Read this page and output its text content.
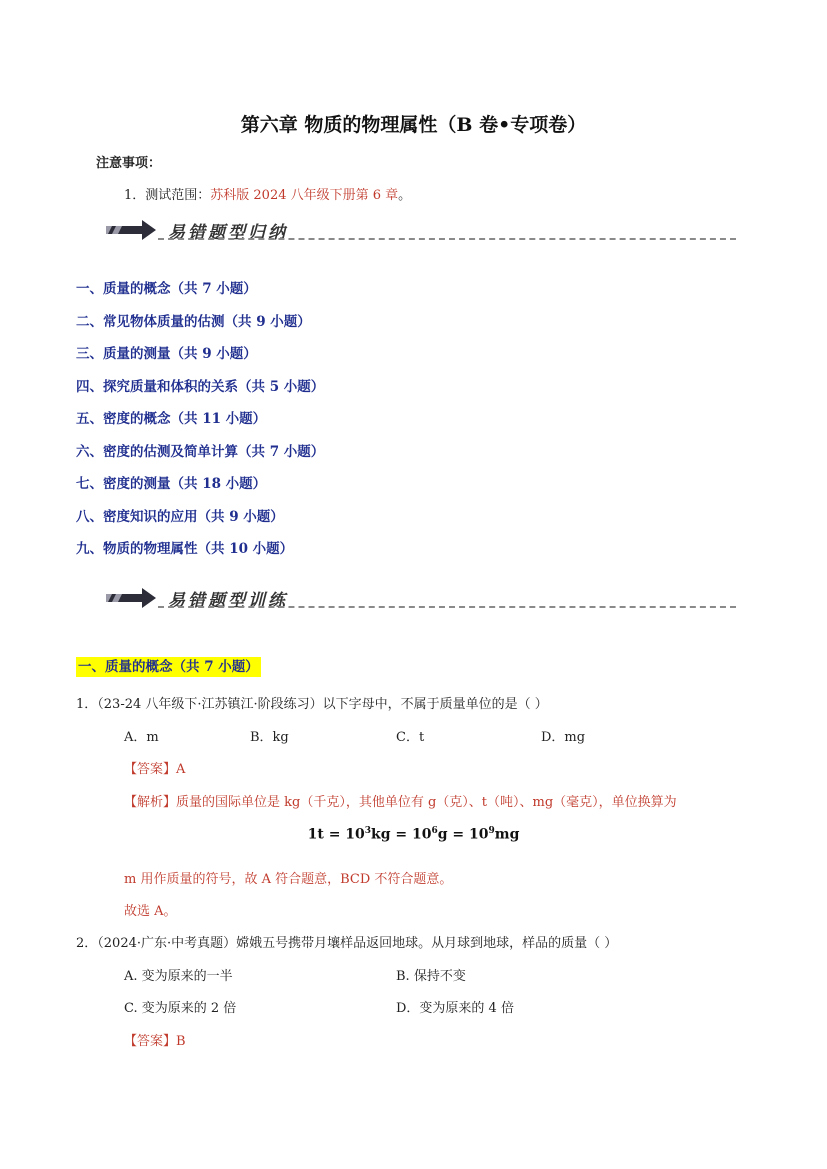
第六章 物质的物理属性（B 卷•专项卷）
注意事项：
1．测试范围：苏科版 2024 八年级下册第 6 章。
易错题型归纳
一、质量的概念（共 7 小题）
二、常见物体质量的估测（共 9 小题）
三、质量的测量（共 9 小题）
四、探究质量和体积的关系（共 5 小题）
五、密度的概念（共 11 小题）
六、密度的估测及简单计算（共 7 小题）
七、密度的测量（共 18 小题）
八、密度知识的应用（共 9 小题）
九、物质的物理属性（共 10 小题）
易错题型训练
一、质量的概念（共 7 小题）
1．（23-24 八年级下·江苏镇江·阶段练习）以下字母中，不属于质量单位的是（ ）
A．m	B．kg	C．t	D．mg
【答案】A
【解析】质量的国际单位是 kg（千克），其他单位有 g（克）、t（吨）、mg（毫克），单位换算为
$1t = 10^3kg = 10^6g = 10^9mg$
m 用作质量的符号，故 A 符合题意，BCD 不符合题意。
故选 A。
2．（2024·广东·中考真题）嫦娥五号携带月壤样品返回地球。从月球到地球，样品的质量（ ）
A. 变为原来的一半	B. 保持不变
C. 变为原来的 2 倍	D．变为原来的 4 倍
【答案】B
